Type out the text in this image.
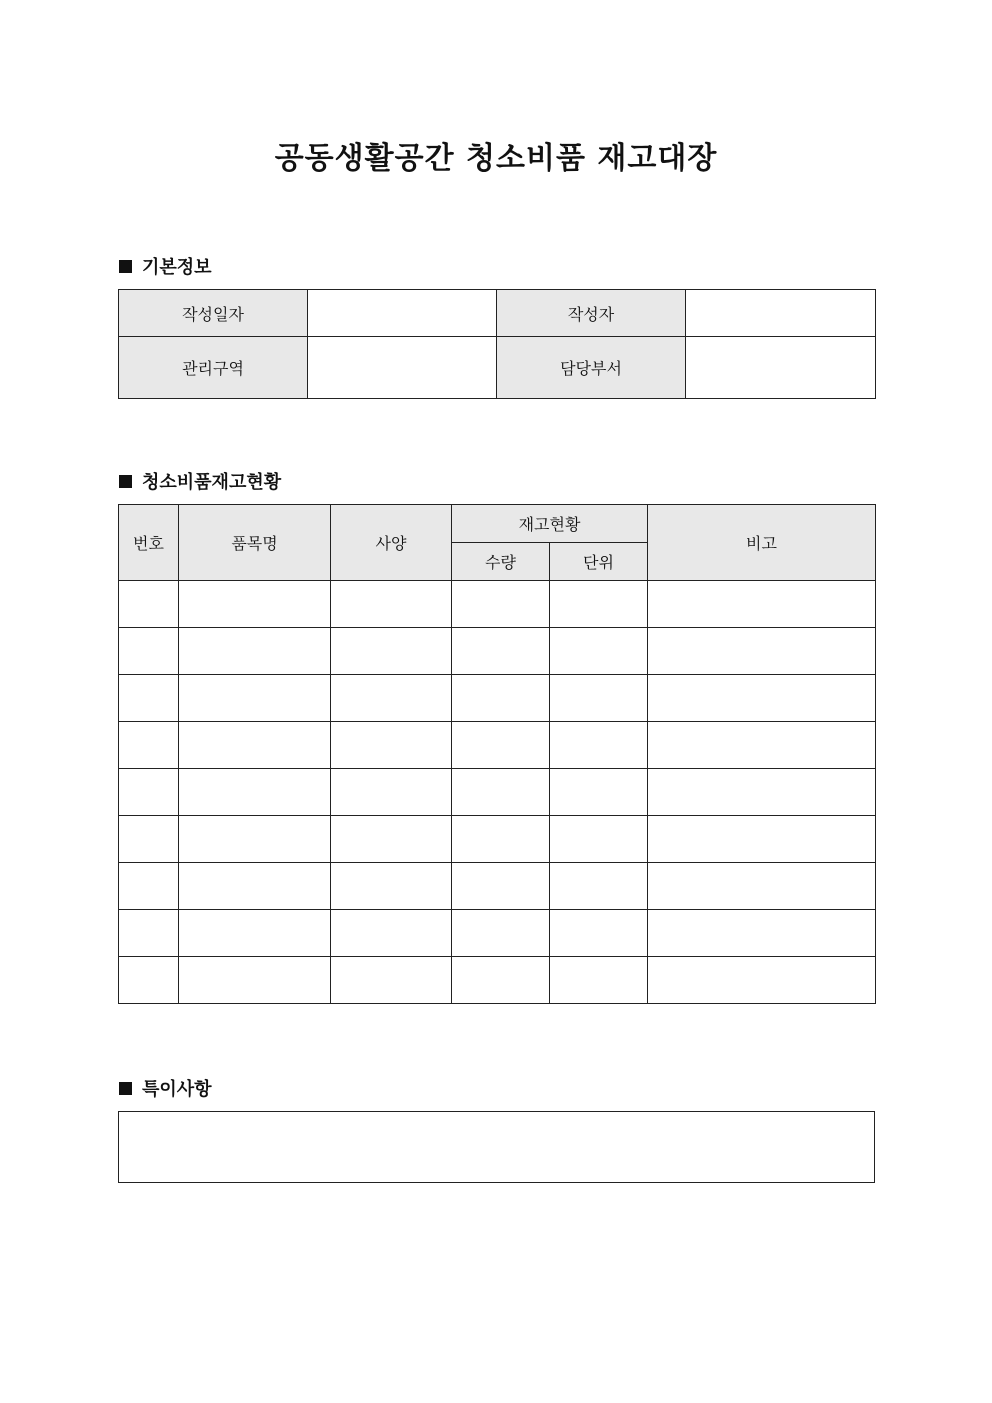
공동생활공간 청소비품 재고대장
기본정보
작성일자		작성자	
관리구역		담당부서	
청소비품재고현황
번호	품목명	사양	재고현황		비고
			수량	단위	

특이사항
